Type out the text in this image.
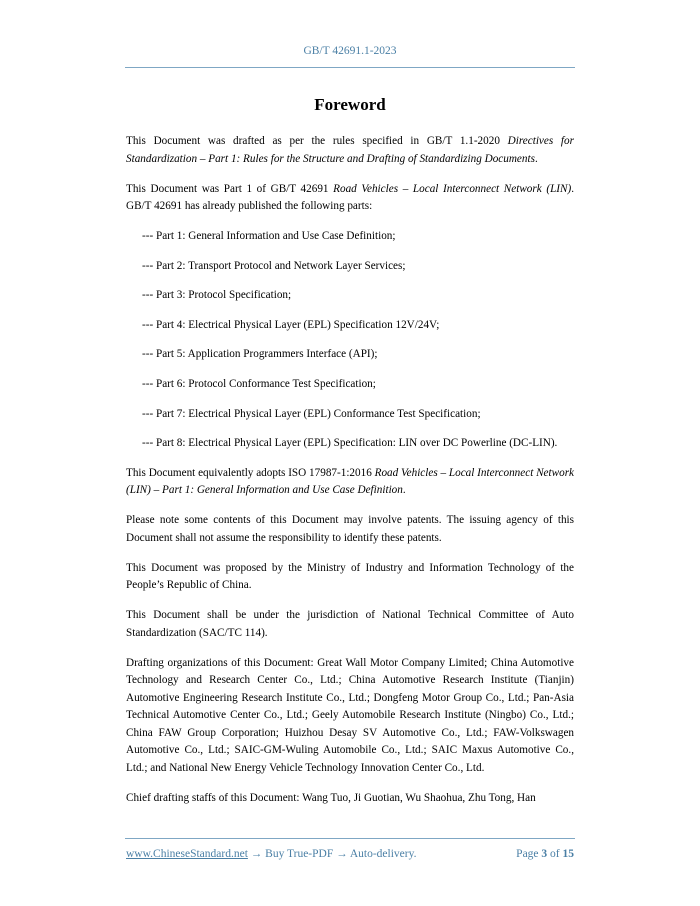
GB/T 42691.1-2023
Foreword

This Document was drafted as per the rules specified in GB/T 1.1-2020 Directives for Standardization – Part 1: Rules for the Structure and Drafting of Standardizing Documents.

This Document was Part 1 of GB/T 42691 Road Vehicles – Local Interconnect Network (LIN). GB/T 42691 has already published the following parts:

--- Part 1: General Information and Use Case Definition;

--- Part 2: Transport Protocol and Network Layer Services;

--- Part 3: Protocol Specification;

--- Part 4: Electrical Physical Layer (EPL) Specification 12V/24V;

--- Part 5: Application Programmers Interface (API);

--- Part 6: Protocol Conformance Test Specification;

--- Part 7: Electrical Physical Layer (EPL) Conformance Test Specification;

--- Part 8: Electrical Physical Layer (EPL) Specification: LIN over DC Powerline (DC-LIN).

This Document equivalently adopts ISO 17987-1:2016 Road Vehicles – Local Interconnect Network (LIN) – Part 1: General Information and Use Case Definition.

Please note some contents of this Document may involve patents. The issuing agency of this Document shall not assume the responsibility to identify these patents.

This Document was proposed by the Ministry of Industry and Information Technology of the People’s Republic of China.

This Document shall be under the jurisdiction of National Technical Committee of Auto Standardization (SAC/TC 114).

Drafting organizations of this Document: Great Wall Motor Company Limited; China Automotive Technology and Research Center Co., Ltd.; China Automotive Research Institute (Tianjin) Automotive Engineering Research Institute Co., Ltd.; Dongfeng Motor Group Co., Ltd.; Pan-Asia Technical Automotive Center Co., Ltd.; Geely Automobile Research Institute (Ningbo) Co., Ltd.; China FAW Group Corporation; Huizhou Desay SV Automotive Co., Ltd.; FAW-Volkswagen Automotive Co., Ltd.; SAIC-GM-Wuling Automobile Co., Ltd.; SAIC Maxus Automotive Co., Ltd.; and National New Energy Vehicle Technology Innovation Center Co., Ltd.

Chief drafting staffs of this Document: Wang Tuo, Ji Guotian, Wu Shaohua, Zhu Tong, Han

www.ChineseStandard.net → Buy True-PDF → Auto-delivery.	Page 3 of 15
